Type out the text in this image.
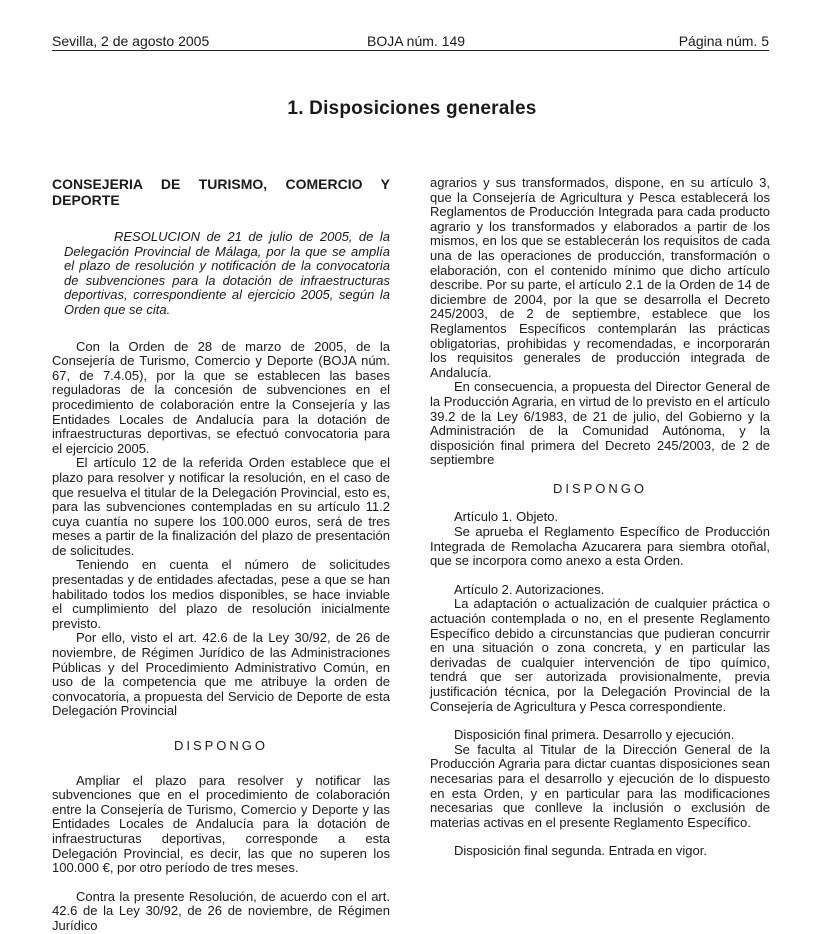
Sevilla, 2 de agosto 2005	BOJA núm. 149	Página núm. 5
1. Disposiciones generales

CONSEJERIA DE TURISMO, COMERCIO Y DEPORTE

RESOLUCION de 21 de julio de 2005, de la Delegación Provincial de Málaga, por la que se amplía el plazo de resolución y notificación de la convocatoria de subvenciones para la dotación de infraestructuras deportivas, correspondiente al ejercicio 2005, según la Orden que se cita.

Con la Orden de 28 de marzo de 2005, de la Consejería de Turismo, Comercio y Deporte (BOJA núm. 67, de 7.4.05), por la que se establecen las bases reguladoras de la concesión de subvenciones en el procedimiento de colaboración entre la Consejería y las Entidades Locales de Andalucía para la dotación de infraestructuras deportivas, se efectuó convocatoria para el ejercicio 2005.

El artículo 12 de la referida Orden establece que el plazo para resolver y notificar la resolución, en el caso de que resuelva el titular de la Delegación Provincial, esto es, para las subvenciones contempladas en su artículo 11.2 cuya cuantía no supere los 100.000 euros, será de tres meses a partir de la finalización del plazo de presentación de solicitudes.

Teniendo en cuenta el número de solicitudes presentadas y de entidades afectadas, pese a que se han habilitado todos los medios disponibles, se hace inviable el cumplimiento del plazo de resolución inicialmente previsto.

Por ello, visto el art. 42.6 de la Ley 30/92, de 26 de noviembre, de Régimen Jurídico de las Administraciones Públicas y del Procedimiento Administrativo Común, en uso de la competencia que me atribuye la orden de convocatoria, a propuesta del Servicio de Deporte de esta Delegación Provincial

DISPONGO

Ampliar el plazo para resolver y notificar las subvenciones que en el procedimiento de colaboración entre la Consejería de Turismo, Comercio y Deporte y las Entidades Locales de Andalucía para la dotación de infraestructuras deportivas, corresponde a esta Delegación Provincial, es decir, las que no superen los 100.000 €, por otro período de tres meses.

Contra la presente Resolución, de acuerdo con el art. 42.6 de la Ley 30/92, de 26 de noviembre, de Régimen Jurídico

agrarios y sus transformados, dispone, en su artículo 3, que la Consejería de Agricultura y Pesca establecerá los Reglamentos de Producción Integrada para cada producto agrario y los transformados y elaborados a partir de los mismos, en los que se establecerán los requisitos de cada una de las operaciones de producción, transformación o elaboración, con el contenido mínimo que dicho artículo describe. Por su parte, el artículo 2.1 de la Orden de 14 de diciembre de 2004, por la que se desarrolla el Decreto 245/2003, de 2 de septiembre, establece que los Reglamentos Específicos contemplarán las prácticas obligatorias, prohibidas y recomendadas, e incorporarán los requisitos generales de producción integrada de Andalucía.

En consecuencia, a propuesta del Director General de la Producción Agraria, en virtud de lo previsto en el artículo 39.2 de la Ley 6/1983, de 21 de julio, del Gobierno y la Administración de la Comunidad Autónoma, y la disposición final primera del Decreto 245/2003, de 2 de septiembre

DISPONGO

Artículo 1. Objeto.

Se aprueba el Reglamento Específico de Producción Integrada de Remolacha Azucarera para siembra otoñal, que se incorpora como anexo a esta Orden.

Artículo 2. Autorizaciones.

La adaptación o actualización de cualquier práctica o actuación contemplada o no, en el presente Reglamento Específico debido a circunstancias que pudieran concurrir en una situación o zona concreta, y en particular las derivadas de cualquier intervención de tipo químico, tendrá que ser autorizada provisionalmente, previa justificación técnica, por la Delegación Provincial de la Consejería de Agricultura y Pesca correspondiente.

Disposición final primera. Desarrollo y ejecución.

Se faculta al Titular de la Dirección General de la Producción Agraria para dictar cuantas disposiciones sean necesarias para el desarrollo y ejecución de lo dispuesto en esta Orden, y en particular para las modificaciones necesarias que conlleve la inclusión o exclusión de materias activas en el presente Reglamento Específico.

Disposición final segunda. Entrada en vigor.
